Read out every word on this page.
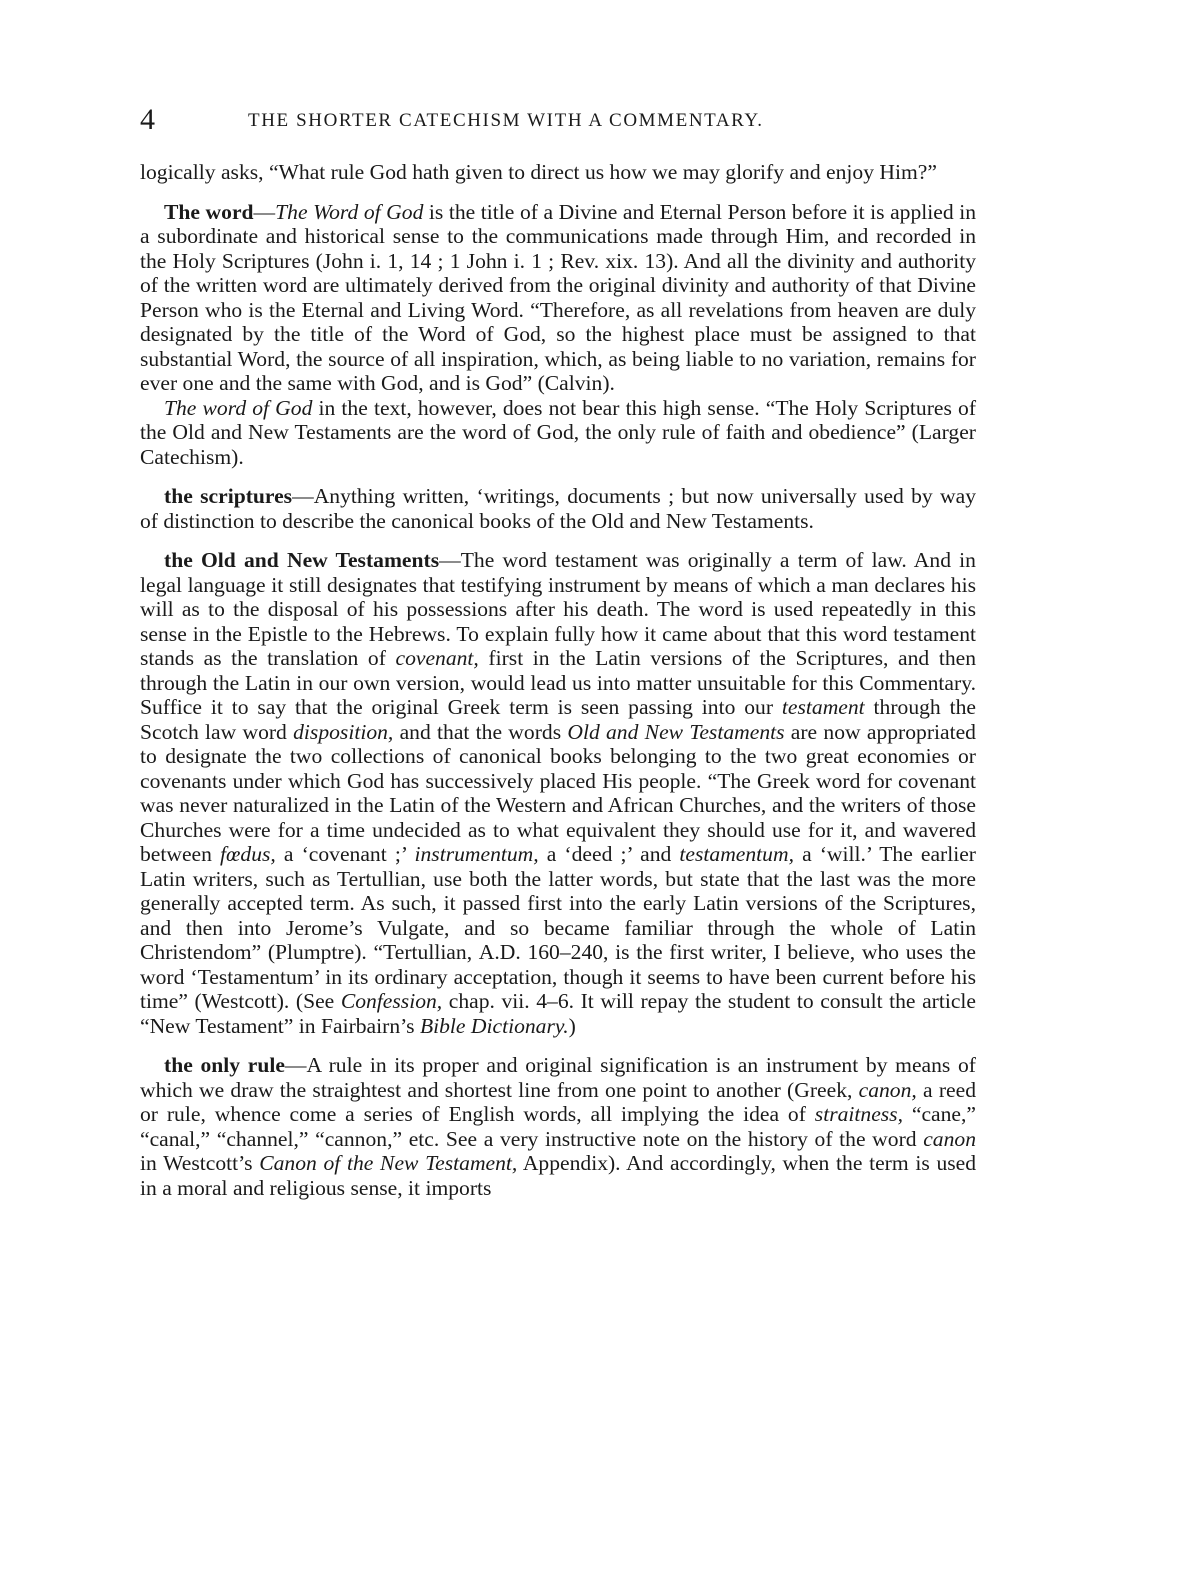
4	THE SHORTER CATECHISM WITH A COMMENTARY.

logically asks, “What rule God hath given to direct us how we may glorify and enjoy Him?”

The word—The Word of God is the title of a Divine and Eternal Person before it is applied in a subordinate and historical sense to the communications made through Him, and recorded in the Holy Scriptures (John i. 1, 14 ; 1 John i. 1 ; Rev. xix. 13). And all the divinity and authority of the written word are ultimately derived from the original divinity and authority of that Divine Person who is the Eternal and Living Word. “Therefore, as all revelations from heaven are duly designated by the title of the Word of God, so the highest place must be assigned to that substantial Word, the source of all inspiration, which, as being liable to no variation, remains for ever one and the same with God, and is God” (Calvin).

The word of God in the text, however, does not bear this high sense. “The Holy Scriptures of the Old and New Testaments are the word of God, the only rule of faith and obedience” (Larger Catechism).

the scriptures—Anything written, ‘writings, documents ; but now universally used by way of distinction to describe the canonical books of the Old and New Testaments.

the Old and New Testaments—The word testament was originally a term of law. And in legal language it still designates that testifying instrument by means of which a man declares his will as to the disposal of his possessions after his death. The word is used repeatedly in this sense in the Epistle to the Hebrews. To explain fully how it came about that this word testament stands as the translation of covenant, first in the Latin versions of the Scriptures, and then through the Latin in our own version, would lead us into matter unsuitable for this Commentary. Suffice it to say that the original Greek term is seen passing into our testament through the Scotch law word disposition, and that the words Old and New Testaments are now appropriated to designate the two collections of canonical books belonging to the two great economies or covenants under which God has successively placed His people. “The Greek word for covenant was never naturalized in the Latin of the Western and African Churches, and the writers of those Churches were for a time undecided as to what equivalent they should use for it, and wavered between fœdus, a ‘covenant ;’ instrumentum, a ‘deed ;’ and testamentum, a ‘will.’ The earlier Latin writers, such as Tertullian, use both the latter words, but state that the last was the more generally accepted term. As such, it passed first into the early Latin versions of the Scriptures, and then into Jerome’s Vulgate, and so became familiar through the whole of Latin Christendom” (Plumptre). “Tertullian, A.D. 160–240, is the first writer, I believe, who uses the word ‘Testamentum’ in its ordinary acceptation, though it seems to have been current before his time” (Westcott). (See Confession, chap. vii. 4–6. It will repay the student to consult the article “New Testament” in Fairbairn’s Bible Dictionary.)

the only rule—A rule in its proper and original signification is an instrument by means of which we draw the straightest and shortest line from one point to another (Greek, canon, a reed or rule, whence come a series of English words, all implying the idea of straitness, “cane,” “canal,” “channel,” “cannon,” etc. See a very instructive note on the history of the word canon in Westcott’s Canon of the New Testament, Appendix). And accordingly, when the term is used in a moral and religious sense, it imports
